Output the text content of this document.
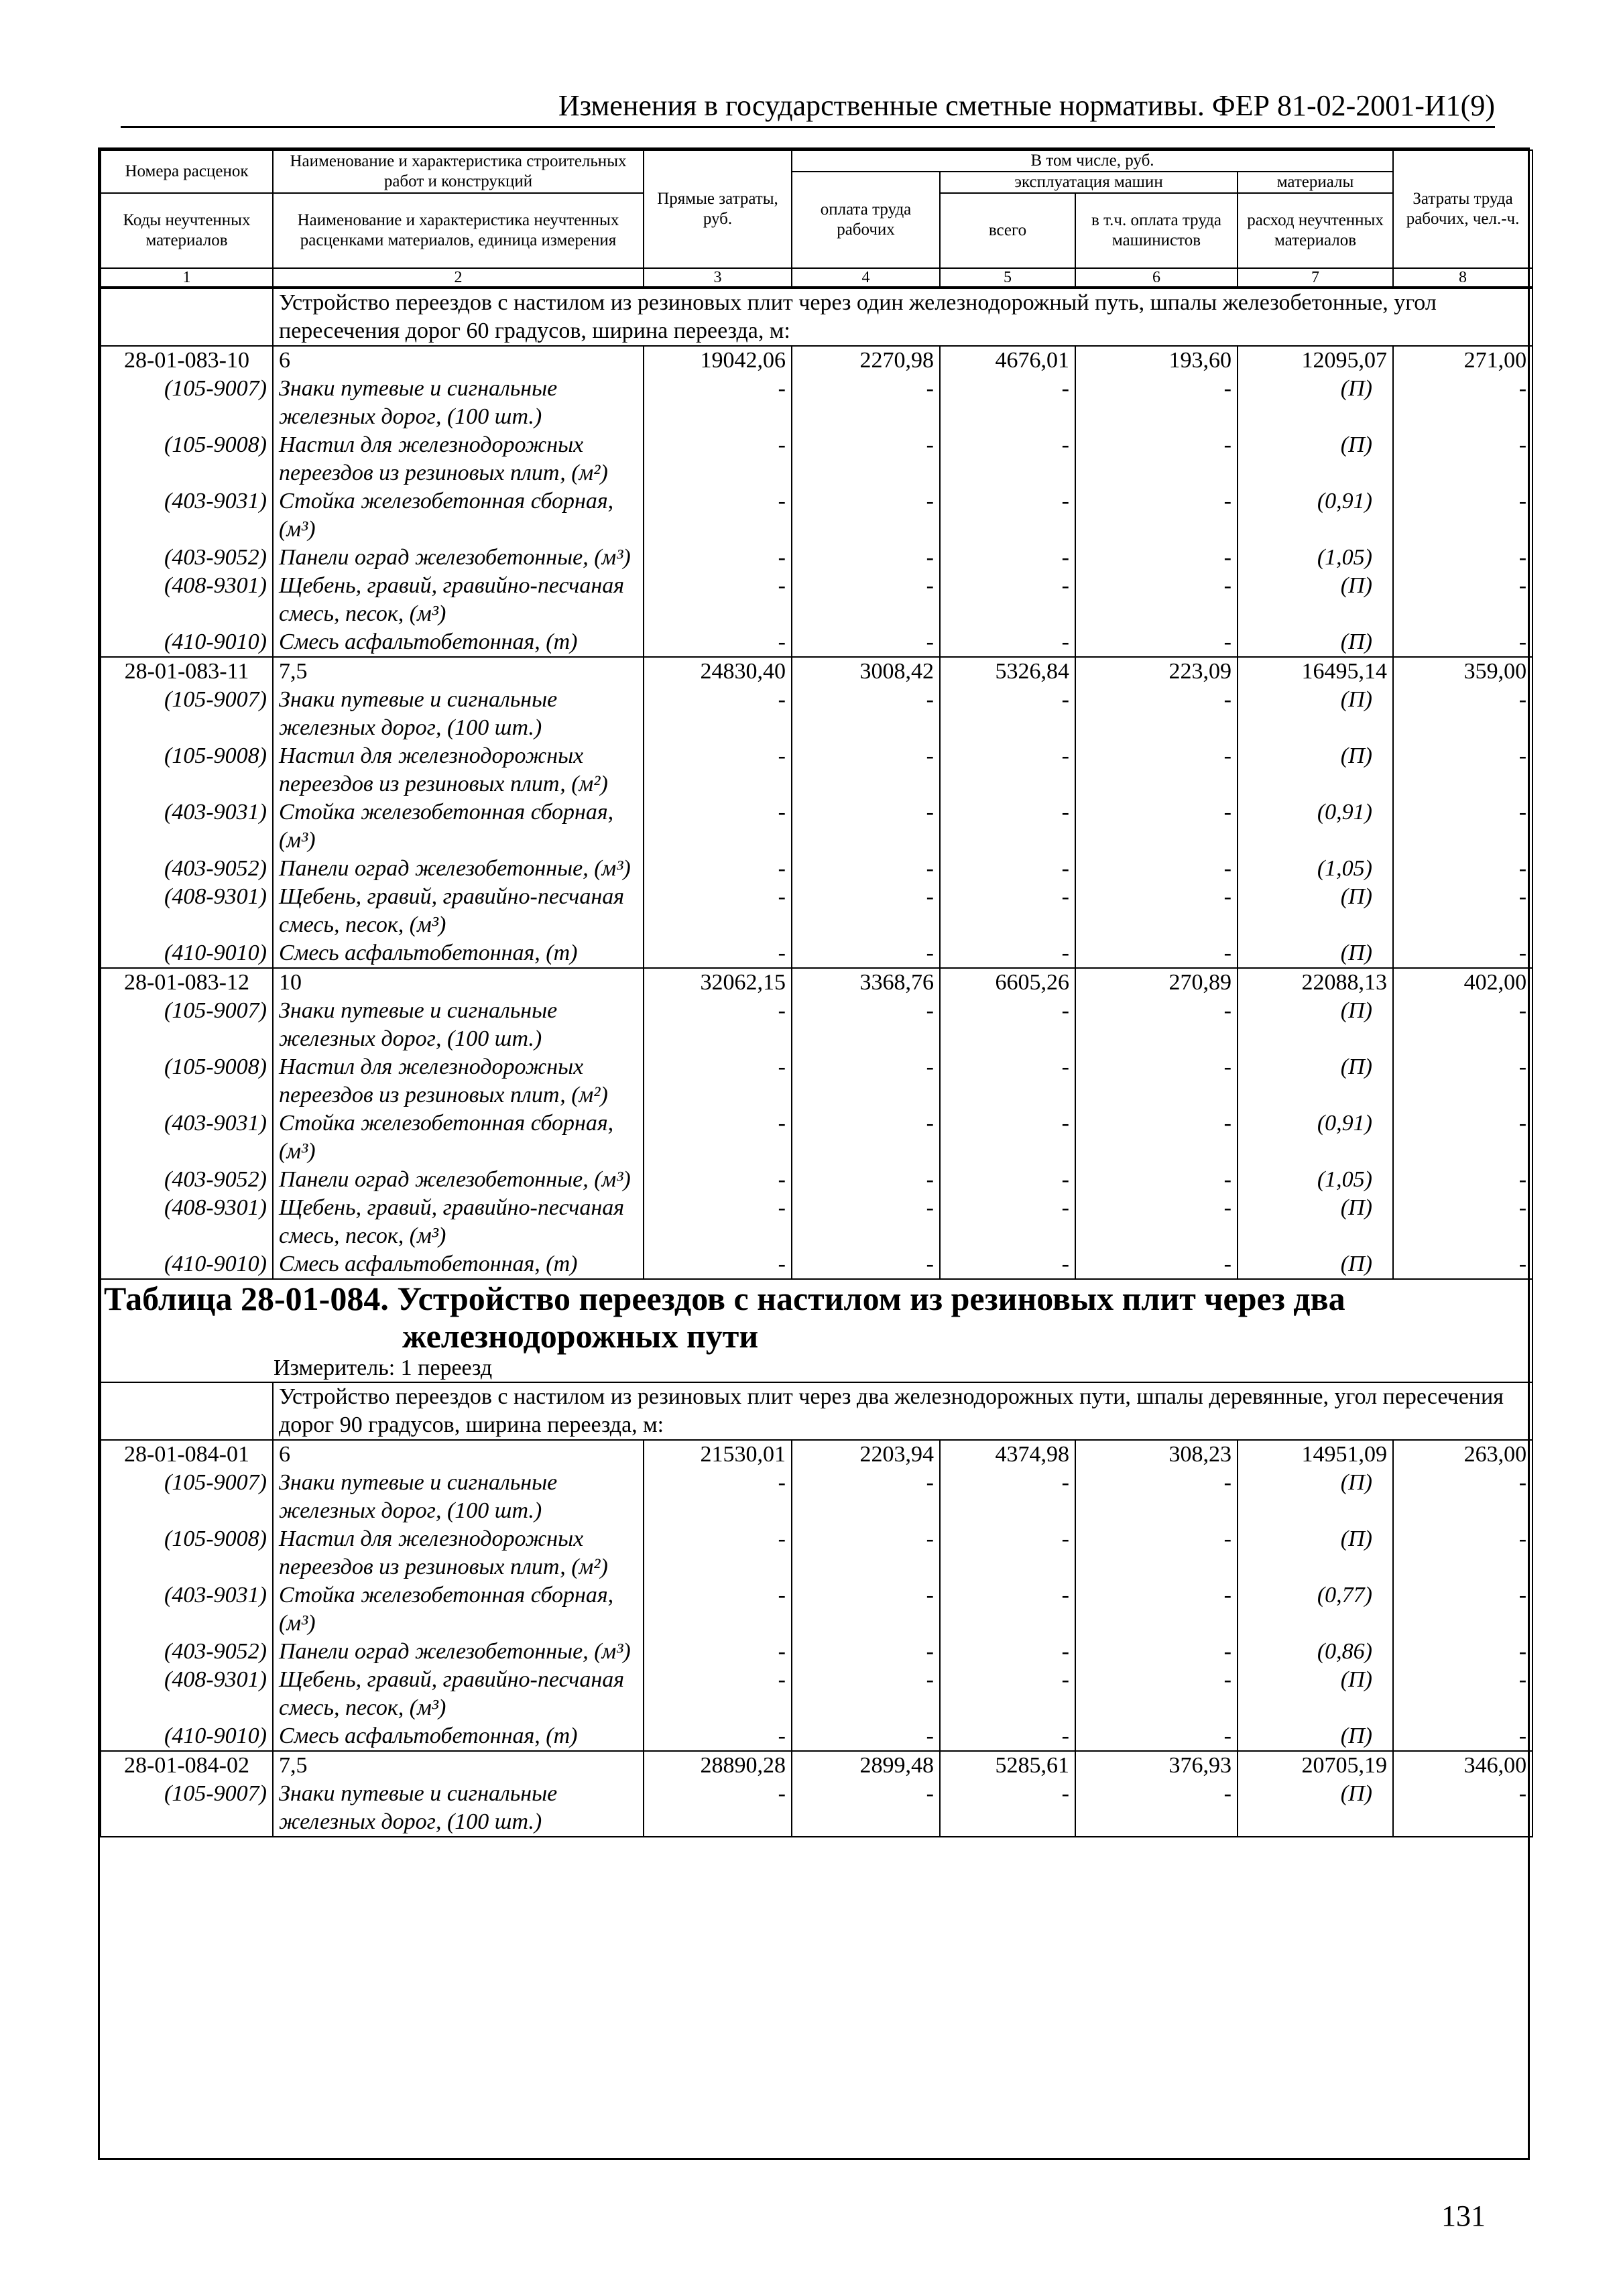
Изменения в государственные сметные нормативы. ФЕР 81-02-2001-И1(9)
Номера расценок	Наименование и характеристика строительных работ и конструкций	Прямые затраты, руб.	В том числе, руб.				Затраты труда рабочих, чел.-ч.
			оплата труда рабочих	эксплуатация машин		материалы	
Коды неучтенных материалов	Наименование и характеристика неучтенных расценками материалов, единица измерения			всего	в т.ч. оплата труда машинистов	расход неучтенных материалов	

1	2	3	4	5	6	7	8
	Устройство переездов с настилом из резиновых плит через один железнодорожный путь, шпалы железобетонные, угол пересечения дорог 60 градусов, ширина переезда, м:						
28-01-083-10	6	19042,06	2270,98	4676,01	193,60	12095,07	271,00
(105-9007)	Знаки путевые и сигнальные железных дорог, (100 шт.)	-	-	-	-	(П)	-
(105-9008)	Настил для железнодорожных переездов из резиновых плит, (м²)	-	-	-	-	(П)	-
(403-9031)	Стойка железобетонная сборная, (м³)	-	-	-	-	(0,91)	-
(403-9052)	Панели оград железобетонные, (м³)	-	-	-	-	(1,05)	-
(408-9301)	Щебень, гравий, гравийно-песчаная смесь, песок, (м³)	-	-	-	-	(П)	-
(410-9010)	Смесь асфальтобетонная, (т)	-	-	-	-	(П)	-
28-01-083-11	7,5	24830,40	3008,42	5326,84	223,09	16495,14	359,00
(105-9007)	Знаки путевые и сигнальные железных дорог, (100 шт.)	-	-	-	-	(П)	-
(105-9008)	Настил для железнодорожных переездов из резиновых плит, (м²)	-	-	-	-	(П)	-
(403-9031)	Стойка железобетонная сборная, (м³)	-	-	-	-	(0,91)	-
(403-9052)	Панели оград железобетонные, (м³)	-	-	-	-	(1,05)	-
(408-9301)	Щебень, гравий, гравийно-песчаная смесь, песок, (м³)	-	-	-	-	(П)	-
(410-9010)	Смесь асфальтобетонная, (т)	-	-	-	-	(П)	-
28-01-083-12	10	32062,15	3368,76	6605,26	270,89	22088,13	402,00
(105-9007)	Знаки путевые и сигнальные железных дорог, (100 шт.)	-	-	-	-	(П)	-
(105-9008)	Настил для железнодорожных переездов из резиновых плит, (м²)	-	-	-	-	(П)	-
(403-9031)	Стойка железобетонная сборная, (м³)	-	-	-	-	(0,91)	-
(403-9052)	Панели оград железобетонные, (м³)	-	-	-	-	(1,05)	-
(408-9301)	Щебень, гравий, гравийно-песчаная смесь, песок, (м³)	-	-	-	-	(П)	-
(410-9010)	Смесь асфальтобетонная, (т)	-	-	-	-	(П)	-

Таблица 28-01-084. Устройство переездов с настилом из резиновых плит через два
железнодорожных пути
Измеритель: 1 переезд							

	Устройство переездов с настилом из резиновых плит через два железнодорожных пути, шпалы деревянные, угол пересечения дорог 90 градусов, ширина переезда, м:						
28-01-084-01	6	21530,01	2203,94	4374,98	308,23	14951,09	263,00
(105-9007)	Знаки путевые и сигнальные железных дорог, (100 шт.)	-	-	-	-	(П)	-
(105-9008)	Настил для железнодорожных переездов из резиновых плит, (м²)	-	-	-	-	(П)	-
(403-9031)	Стойка железобетонная сборная, (м³)	-	-	-	-	(0,77)	-
(403-9052)	Панели оград железобетонные, (м³)	-	-	-	-	(0,86)	-
(408-9301)	Щебень, гравий, гравийно-песчаная смесь, песок, (м³)	-	-	-	-	(П)	-
(410-9010)	Смесь асфальтобетонная, (т)	-	-	-	-	(П)	-
28-01-084-02	7,5	28890,28	2899,48	5285,61	376,93	20705,19	346,00
(105-9007)	Знаки путевые и сигнальные железных дорог, (100 шт.)	-	-	-	-	(П)	-
131
